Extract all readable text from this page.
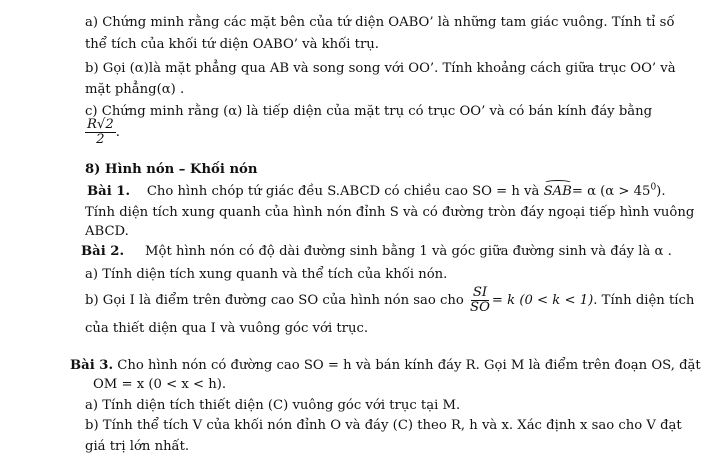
a) Chứng minh rằng các mặt bên của tứ diện OABO’ là những tam giác vuông. Tính tỉ số
thể tích của khối tứ diện OABO’ và khối trụ.
b) Gọi (α)là mặt phẳng qua AB và song song với OO’. Tính khoảng cách giữa trục OO’ và
mặt phẳng(α) .
c) Chứng minh rằng (α) là tiếp diện của mặt trụ có trục OO’ và có bán kính đáy bằng
$\frac{R√2}{2}$ .
8) Hình nón – Khối nón
Bài 1. Cho hình chóp tứ giác đều S.ABCD có chiều cao SO = h và SAB= α $(\alpha > 45^0)$.
Tính diện tích xung quanh của hình nón đỉnh S và có đường tròn đáy ngoại tiếp hình vuông
ABCD.
Bài 2. Một hình nón có độ dài đường sinh bằng 1 và góc giữa đường sinh và đáy là α .
a) Tính diện tích xung quanh và thể tích của khối nón.
b) Gọi I là điểm trên đường cao SO của hình nón sao cho $\frac{SI}{SO} = k$ (0 < k < 1). Tính diện tích
của thiết diện qua I và vuông góc với trục.
Bài 3. Cho hình nón có đường cao SO = h và bán kính đáy R. Gọi M là điểm trên đoạn OS, đặt
OM = x (0 < x < h).
a) Tính diện tích thiết diện (C) vuông góc với trục tại M.
b) Tính thể tích V của khối nón đỉnh O và đáy (C) theo R, h và x. Xác định x sao cho V đạt
giá trị lớn nhất.
